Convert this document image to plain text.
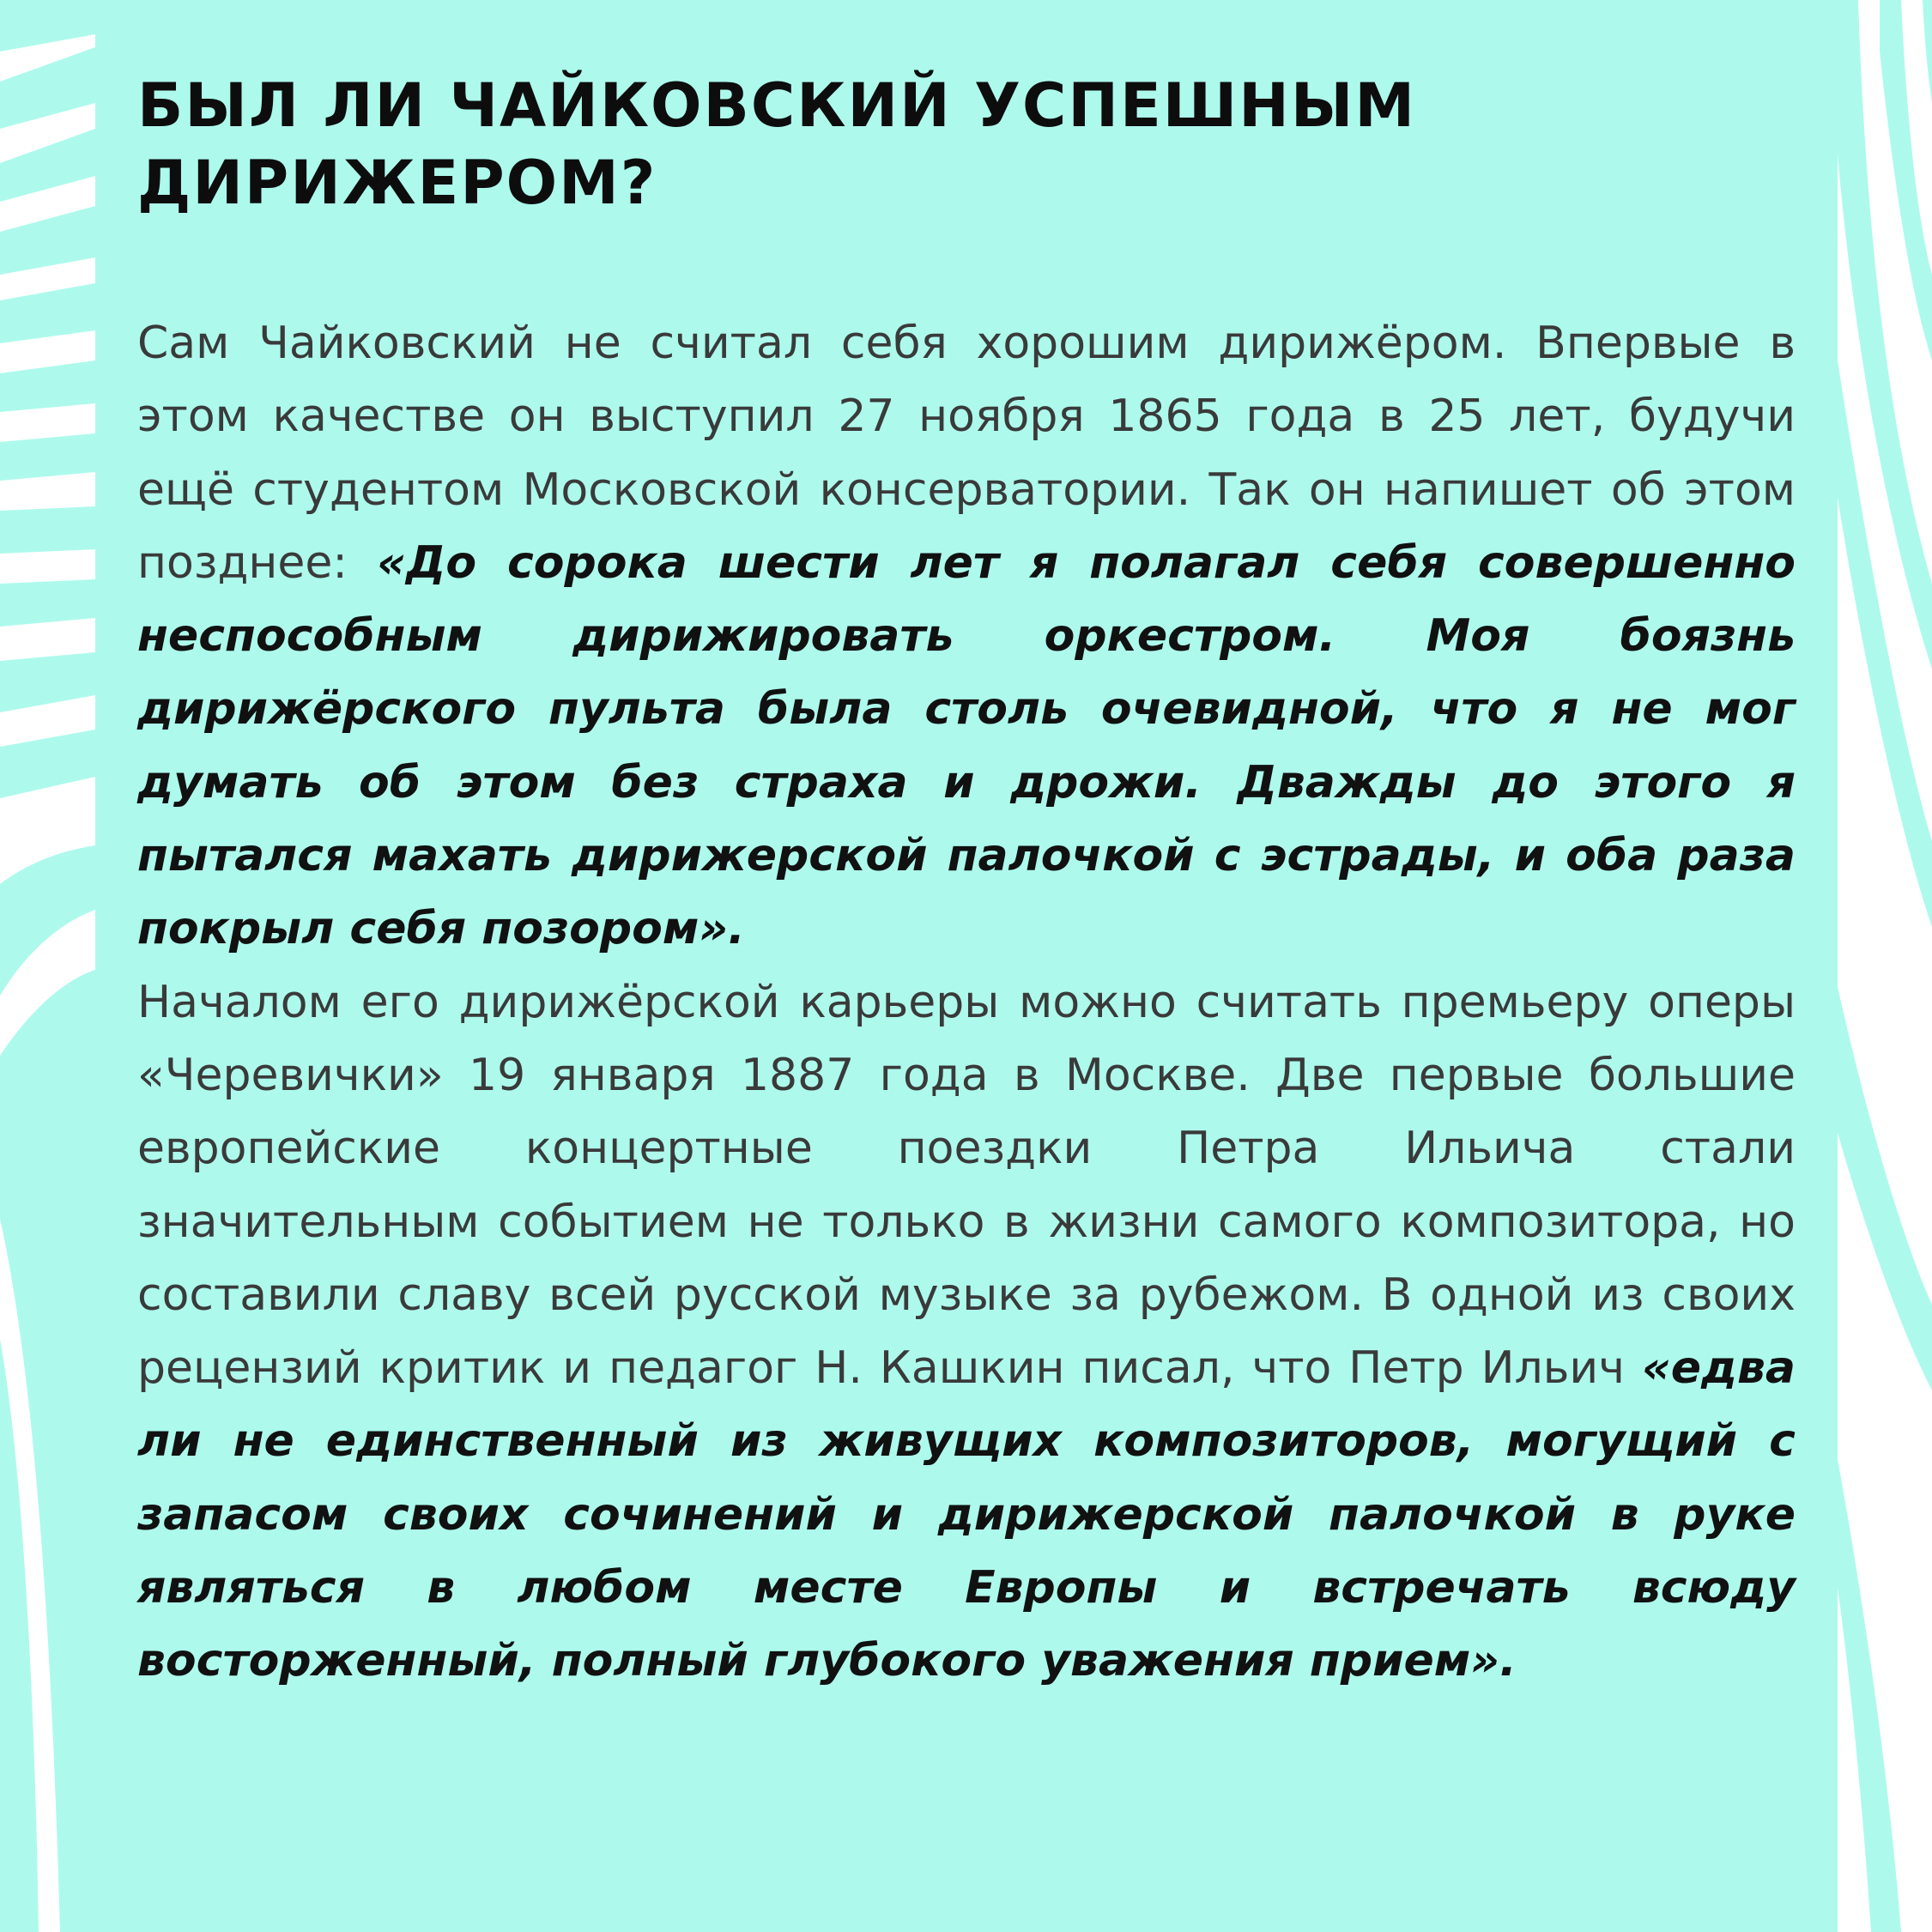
БЫЛ ЛИ ЧАЙКОВСКИЙ УСПЕШНЫМ
ДИРИЖЕРОМ?

Сам Чайковский не считал себя хорошим дирижёром. Впервые в этом качестве он выступил 27 ноября 1865 года в 25 лет, будучи ещё студентом Московской консерватории. Так он напишет об этом позднее: «До сорока шести лет я полагал себя совершенно неспособным дирижировать оркестром. Моя боязнь дирижёрского пульта была столь очевидной, что я не мог думать об этом без страха и дрожи. Дважды до этого я пытался махать дирижерской палочкой с эстрады, и оба раза покрыл себя позором».

Началом его дирижёрской карьеры можно считать премьеру оперы «Черевички» 19 января 1887 года в Москве. Две первые большие европейские концертные поездки Петра Ильича стали значительным событием не только в жизни самого композитора, но составили славу всей русской музыке за рубежом. В одной из своих рецензий критик и педагог Н. Кашкин писал, что Петр Ильич «едва ли не единственный из живущих композиторов, могущий с запасом своих сочинений и дирижерской палочкой в руке являться в любом месте Европы и встречать всюду восторженный, полный глубокого уважения прием».
